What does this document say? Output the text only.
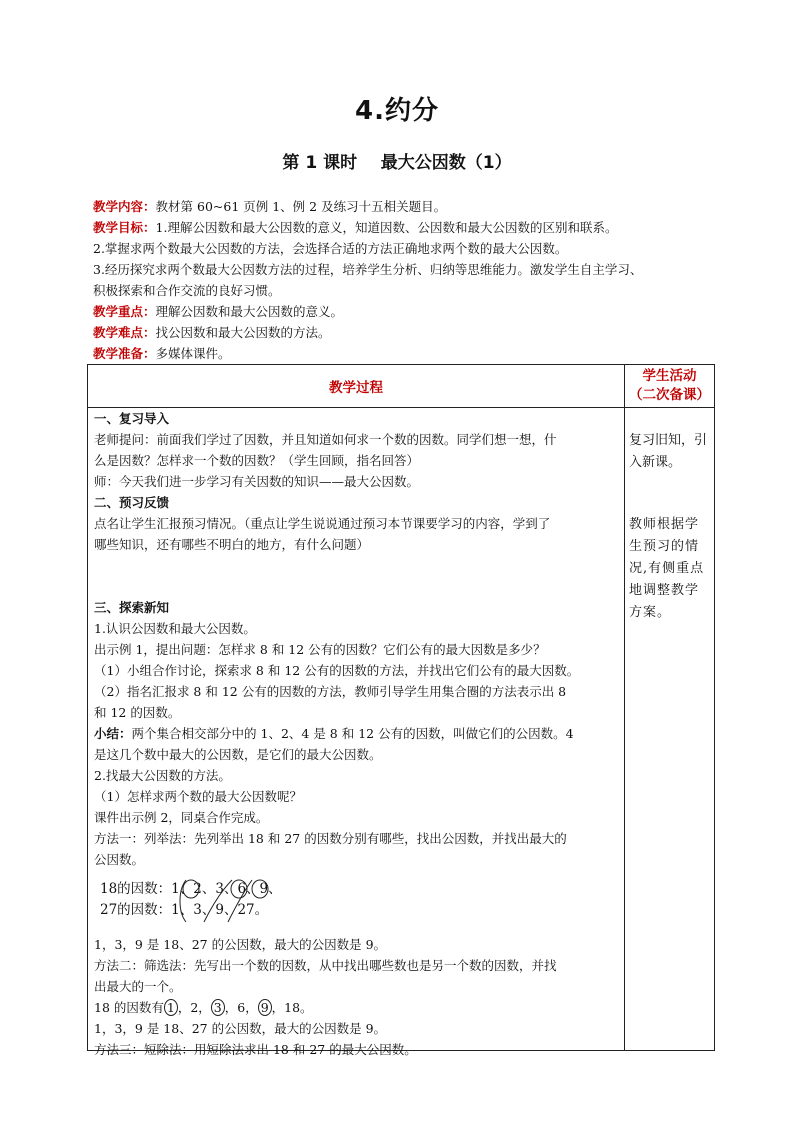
4.约分
第 1 课时    最大公因数（1）

教学内容：教材第 60~61 页例 1、例 2 及练习十五相关题目。

教学目标：1.理解公因数和最大公因数的意义，知道因数、公因数和最大公因数的区别和联系。

2.掌握求两个数最大公因数的方法，会选择合适的方法正确地求两个数的最大公因数。

3.经历探究求两个数最大公因数方法的过程，培养学生分析、归纳等思维能力。激发学生自主学习、

积极探索和合作交流的良好习惯。

教学重点：理解公因数和最大公因数的意义。

教学难点：找公因数和最大公因数的方法。

教学准备：多媒体课件。

教学过程
学生活动
（二次备课）

一、复习导入

老师提问：前面我们学过了因数，并且知道如何求一个数的因数。同学们想一想，什

么是因数？怎样求一个数的因数？（学生回顾，指名回答）

师：今天我们进一步学习有关因数的知识——最大公因数。

二、预习反馈

点名让学生汇报预习情况。（重点让学生说说通过预习本节课要学习的内容，学到了

哪些知识，还有哪些不明白的地方，有什么问题）

三、探索新知

1.认识公因数和最大公因数。

出示例 1，提出问题：怎样求 8 和 12 公有的因数？它们公有的最大因数是多少？

（1）小组合作讨论，探索求 8 和 12 公有的因数的方法，并找出它们公有的最大因数。

（2）指名汇报求 8 和 12 公有的因数的方法，教师引导学生用集合圈的方法表示出 8

和 12 的因数。

小结：两个集合相交部分中的 1、2、4 是 8 和 12 公有的因数，叫做它们的公因数。4

是这几个数中最大的公因数，是它们的最大公因数。

2.找最大公因数的方法。

（1）怎样求两个数的最大公因数呢？

课件出示例 2，同桌合作完成。

方法一：列举法：先列举出 18 和 27 的因数分别有哪些，找出公因数，并找出最大的

公因数。

18的因数：1、2、3、6、9、
27的因数：1、3、9、27。

1，3，9 是 18、27 的公因数，最大的公因数是 9。

方法二：筛选法：先写出一个数的因数，从中找出哪些数也是另一个数的因数，并找

出最大的一个。

18 的因数有 1 ，2， 3 ，6， 9 ，18。

1，3，9 是 18、27 的公因数，最大的公因数是 9。

方法三：短除法：用短除法求出 18 和 27 的最大公因数。

复习旧知，引

入新课。

教师根据学

生预习的情

况,有侧重点

地调整教学

方案。
